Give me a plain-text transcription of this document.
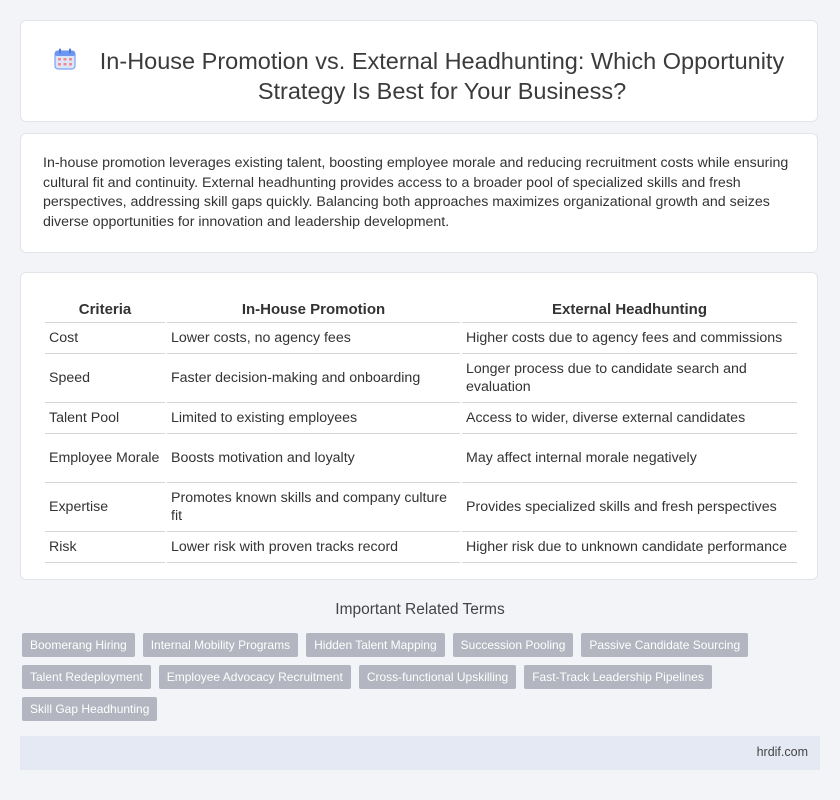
In-House Promotion vs. External Headhunting: Which Opportunity Strategy Is Best for Your Business?

In-house promotion leverages existing talent, boosting employee morale and reducing recruitment costs while ensuring cultural fit and continuity. External headhunting provides access to a broader pool of specialized skills and fresh perspectives, addressing skill gaps quickly. Balancing both approaches maximizes organizational growth and seizes diverse opportunities for innovation and leadership development.

Criteria	In-House Promotion	External Headhunting
Cost	Lower costs, no agency fees	Higher costs due to agency fees and commissions
Speed	Faster decision-making and onboarding	Longer process due to candidate search and evaluation
Talent Pool	Limited to existing employees	Access to wider, diverse external candidates
Employee Morale	Boosts motivation and loyalty	May affect internal morale negatively
Expertise	Promotes known skills and company culture fit	Provides specialized skills and fresh perspectives
Risk	Lower risk with proven tracks record	Higher risk due to unknown candidate performance
Important Related Terms
Boomerang Hiring	Internal Mobility Programs	Hidden Talent Mapping	Succession Pooling	Passive Candidate Sourcing
Talent Redeployment	Employee Advocacy Recruitment	Cross-functional Upskilling	Fast-Track Leadership Pipelines
Skill Gap Headhunting
hrdif.com
